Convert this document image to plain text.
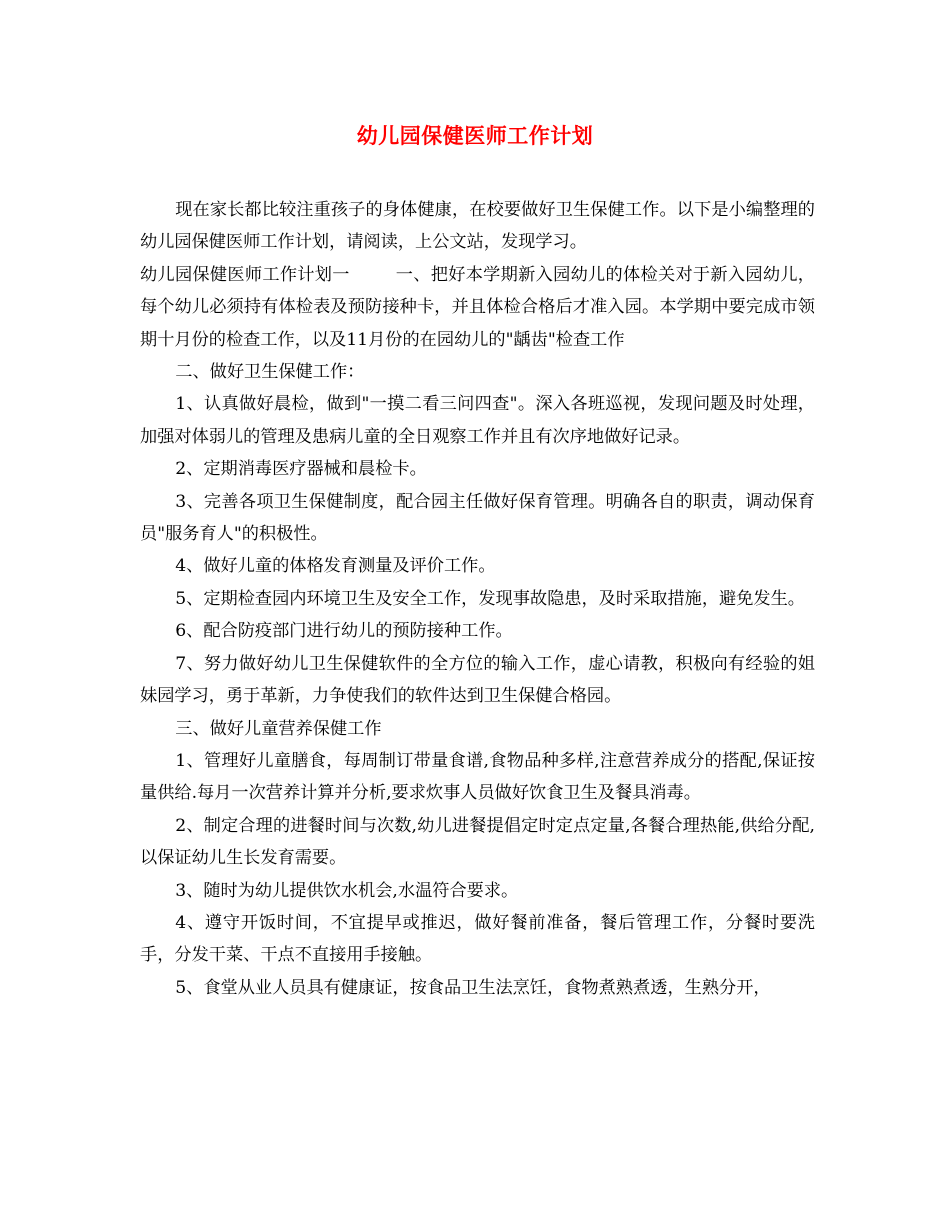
幼儿园保健医师工作计划

现在家长都比较注重孩子的身体健康，在校要做好卫生保健工作。以下是小编整理的幼儿园保健医师工作计划，请阅读，上公文站，发现学习。

幼儿园保健医师工作计划一        一、把好本学期新入园幼儿的体检关对于新入园幼儿，每个幼儿必须持有体检表及预防接种卡，并且体检合格后才准入园。本学期中要完成市领期十月份的检查工作，以及11月份的在园幼儿的"龋齿"检查工作

二、做好卫生保健工作：

1、认真做好晨检，做到"一摸二看三问四查"。深入各班巡视，发现问题及时处理，加强对体弱儿的管理及患病儿童的全日观察工作并且有次序地做好记录。

2、定期消毒医疗器械和晨检卡。

3、完善各项卫生保健制度，配合园主任做好保育管理。明确各自的职责，调动保育员"服务育人"的积极性。

4、做好儿童的体格发育测量及评价工作。

5、定期检查园内环境卫生及安全工作，发现事故隐患，及时采取措施，避免发生。

6、配合防疫部门进行幼儿的预防接种工作。

7、努力做好幼儿卫生保健软件的全方位的输入工作，虚心请教，积极向有经验的姐妹园学习，勇于革新，力争使我们的软件达到卫生保健合格园。

三、做好儿童营养保健工作

1、管理好儿童膳食，每周制订带量食谱,食物品种多样,注意营养成分的搭配,保证按量供给.每月一次营养计算并分析,要求炊事人员做好饮食卫生及餐具消毒。

2、制定合理的进餐时间与次数,幼儿进餐提倡定时定点定量,各餐合理热能,供给分配,以保证幼儿生长发育需要。

3、随时为幼儿提供饮水机会,水温符合要求。

4、遵守开饭时间，不宜提早或推迟，做好餐前准备，餐后管理工作，分餐时要洗手，分发干菜、干点不直接用手接触。

5、食堂从业人员具有健康证，按食品卫生法烹饪，食物煮熟煮透，生熟分开，
